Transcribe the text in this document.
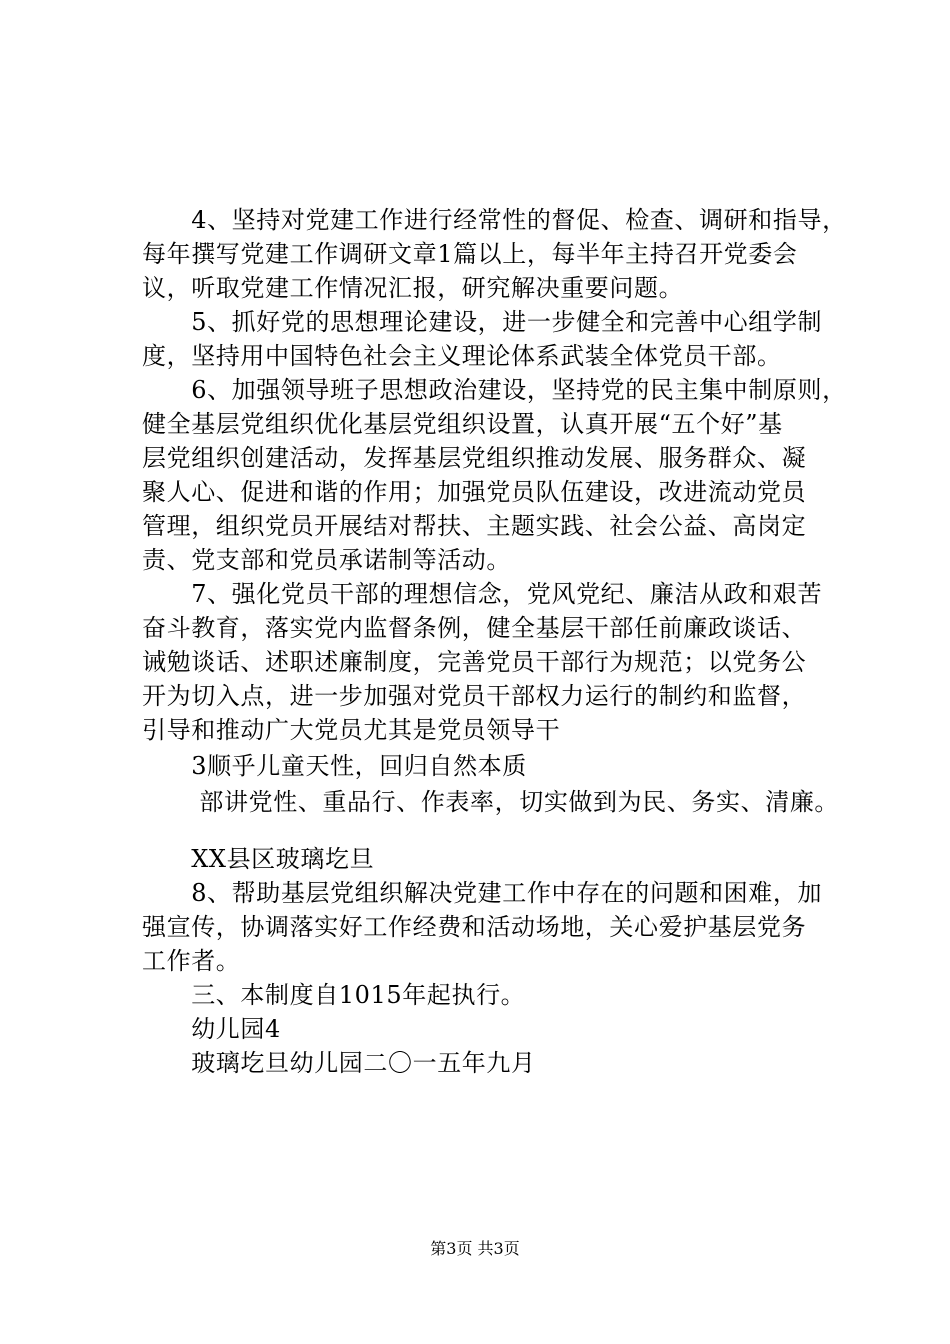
　　4、坚持对党建工作进行经常性的督促、检查、调研和指导，
每年撰写党建工作调研文章1篇以上，每半年主持召开党委会
议，听取党建工作情况汇报，研究解决重要问题。
　　5、抓好党的思想理论建设，进一步健全和完善中心组学制
度，坚持用中国特色社会主义理论体系武装全体党员干部。
　　6、加强领导班子思想政治建设，坚持党的民主集中制原则，
健全基层党组织优化基层党组织设置，认真开展“五个好”基
层党组织创建活动，发挥基层党组织推动发展、服务群众、凝
聚人心、促进和谐的作用；加强党员队伍建设，改进流动党员
管理，组织党员开展结对帮扶、主题实践、社会公益、高岗定
责、党支部和党员承诺制等活动。
　　7、强化党员干部的理想信念，党风党纪、廉洁从政和艰苦
奋斗教育，落实党内监督条例，健全基层干部任前廉政谈话、
诫勉谈话、述职述廉制度，完善党员干部行为规范；以党务公
开为切入点，进一步加强对党员干部权力运行的制约和监督，
引导和推动广大党员尤其是党员领导干
　　3顺乎儿童天性，回归自然本质
　　 部讲党性、重品行、作表率，切实做到为民、务实、清廉。
　　XX县区玻璃圪旦
　　8、帮助基层党组织解决党建工作中存在的问题和困难，加
强宣传，协调落实好工作经费和活动场地，关心爱护基层党务
工作者。
　　三、本制度自1015年起执行。
　　幼儿园4
　　玻璃圪旦幼儿园二〇一五年九月
第3页 共3页
